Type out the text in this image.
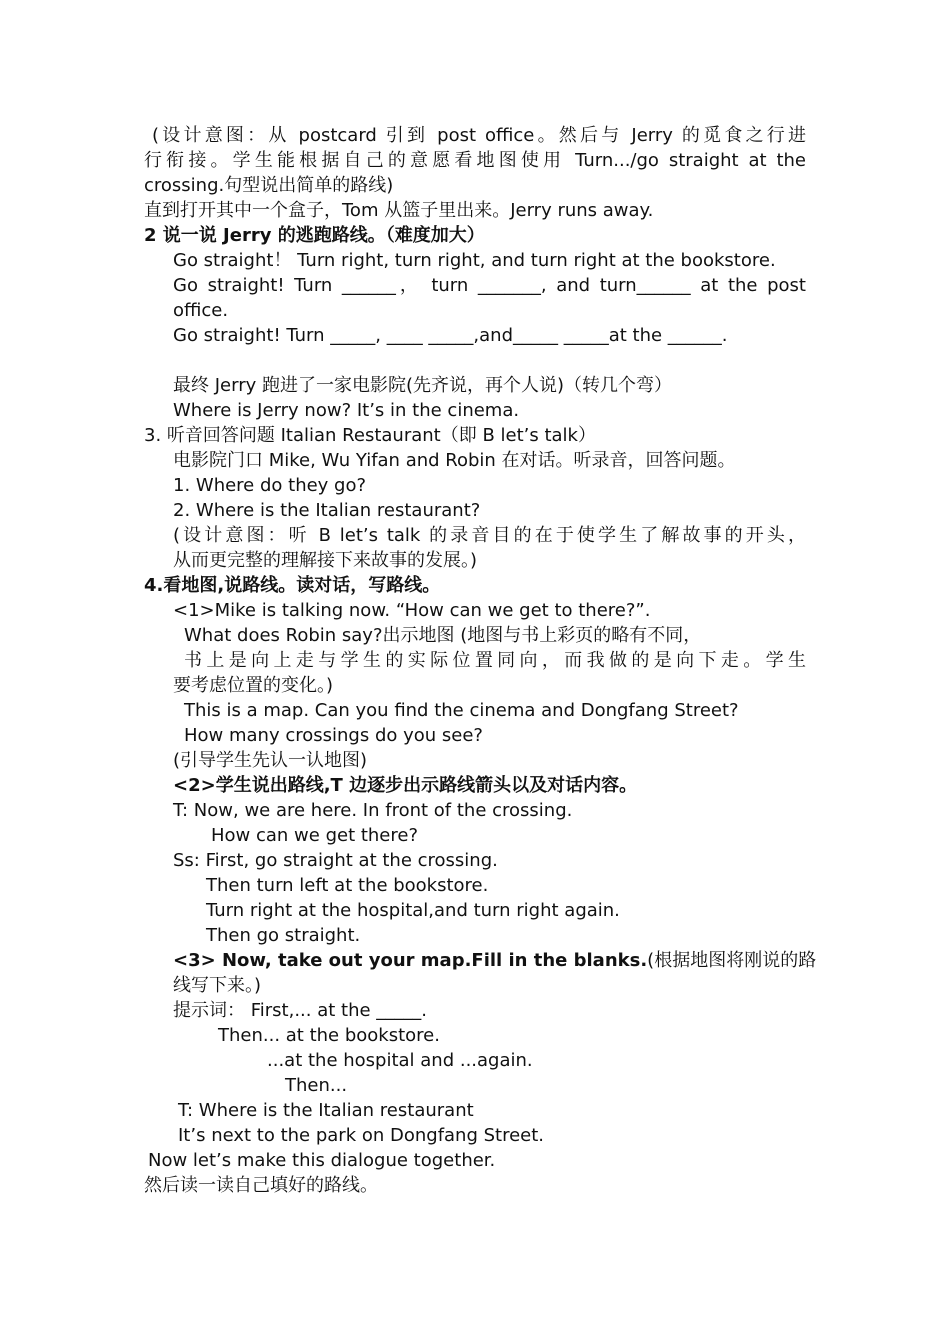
(设计意图：从 postcard 引到 post office。然后与 Jerry 的觅食之行进
行衔接。学生能根据自己的意愿看地图使用 Turn.../go straight at the
crossing.句型说出简单的路线)
直到打开其中一个盒子，Tom 从篮子里出来。Jerry runs away.
2 说一说 Jerry 的逃跑路线。（难度加大）
Go straight！ Turn right, turn right, and turn right at the bookstore.
Go straight! Turn ______， turn _______, and turn______ at the post
office.
Go straight! Turn _____, ____ _____,and_____ _____at the ______.
最终 Jerry 跑进了一家电影院(先齐说，再个人说)（转几个弯）
Where is Jerry now? It’s in the cinema.
3. 听音回答问题 Italian Restaurant（即 B let’s talk）
电影院门口 Mike, Wu Yifan and Robin 在对话。听录音，回答问题。
1. Where do they go?
2. Where is the Italian restaurant?
(设计意图：听 B let’s talk 的录音目的在于使学生了解故事的开头，
从而更完整的理解接下来故事的发展。)
4.看地图,说路线。读对话，写路线。
<1>Mike is talking now. “How can we get to there?”.
What does Robin say?出示地图 (地图与书上彩页的略有不同，
书上是向上走与学生的实际位置同向，而我做的是向下走。学生
要考虑位置的变化。)
This is a map. Can you find the cinema and Dongfang Street?
How many crossings do you see?
(引导学生先认一认地图)
<2>学生说出路线,T 边逐步出示路线箭头以及对话内容。
T: Now, we are here. In front of the crossing.
How can we get there?
Ss: First, go straight at the crossing.
Then turn left at the bookstore.
Turn right at the hospital,and turn right again.
Then go straight.
<3> Now, take out your map.Fill in the blanks. (根据地图将刚说的路
线写下来。)
提示词： First,... at the _____.
Then... at the bookstore.
...at the hospital and ...again.
Then...
T: Where is the Italian restaurant
It’s next to the park on Dongfang Street.
Now let’s make this dialogue together.
然后读一读自己填好的路线。
